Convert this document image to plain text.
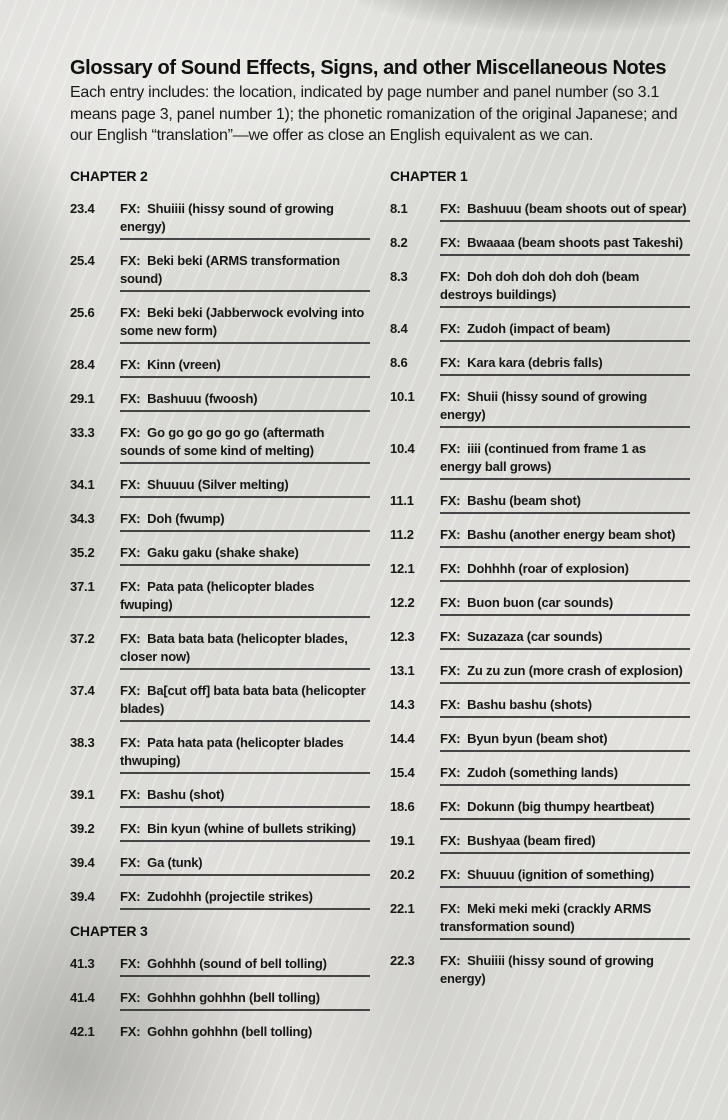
Glossary of Sound Effects, Signs, and other Miscellaneous Notes

Each entry includes: the location, indicated by page number and panel number (so 3.1 means page 3, panel number 1); the phonetic romanization of the original Japanese; and our English “translation”—we offer as close an English equivalent as we can.

CHAPTER 2
23.4	FX:  Shuiiii (hissy sound of growing energy)
25.4	FX:  Beki beki (ARMS transformation sound)
25.6	FX:  Beki beki (Jabberwock evolving into some new form)
28.4	FX:  Kinn (vreen)
29.1	FX:  Bashuuu (fwoosh)
33.3	FX:  Go go go go go go (aftermath sounds of some kind of melting)
34.1	FX:  Shuuuu (Silver melting)
34.3	FX:  Doh (fwump)
35.2	FX:  Gaku gaku (shake shake)
37.1	FX:  Pata pata (helicopter blades fwuping)
37.2	FX:  Bata bata bata (helicopter blades, closer now)
37.4	FX:  Ba[cut off] bata bata bata (helicopter blades)
38.3	FX:  Pata hata pata (helicopter blades thwuping)
39.1	FX:  Bashu (shot)
39.2	FX:  Bin kyun (whine of bullets striking)
39.4	FX:  Ga (tunk)
39.4	FX:  Zudohhh (projectile strikes)
CHAPTER 3
41.3	FX:  Gohhhh (sound of bell tolling)
41.4	FX:  Gohhhn gohhhn (bell tolling)
42.1	FX:  Gohhn gohhhn (bell tolling)
CHAPTER 1
8.1	FX:  Bashuuu (beam shoots out of spear)
8.2	FX:  Bwaaaa (beam shoots past Takeshi)
8.3	FX:  Doh doh doh doh doh (beam destroys buildings)
8.4	FX:  Zudoh (impact of beam)
8.6	FX:  Kara kara (debris falls)
10.1	FX:  Shuii (hissy sound of growing energy)
10.4	FX:  iiii (continued from frame 1 as energy ball grows)
11.1	FX:  Bashu (beam shot)
11.2	FX:  Bashu (another energy beam shot)
12.1	FX:  Dohhhh (roar of explosion)
12.2	FX:  Buon buon (car sounds)
12.3	FX:  Suzazaza (car sounds)
13.1	FX:  Zu zu zun (more crash of explosion)
14.3	FX:  Bashu bashu (shots)
14.4	FX:  Byun byun (beam shot)
15.4	FX:  Zudoh (something lands)
18.6	FX:  Dokunn (big thumpy heartbeat)
19.1	FX:  Bushyaa (beam fired)
20.2	FX:  Shuuuu (ignition of something)
22.1	FX:  Meki meki meki (crackly ARMS transformation sound)
22.3	FX:  Shuiiii (hissy sound of growing energy)
